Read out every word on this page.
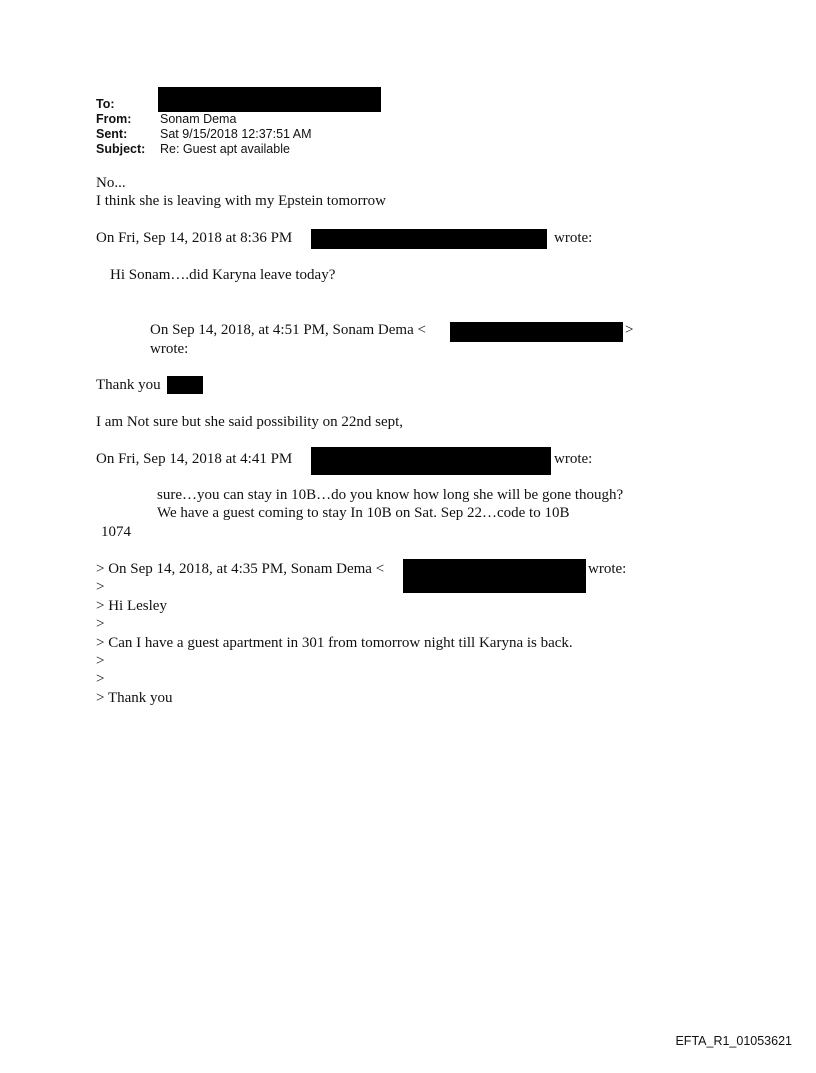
To:
From: Sonam Dema
Sent:	Sat 9/15/2018 12:37:51 AM
Subject: Re: Guest apt available
No...
I think she is leaving with my Epstein tomorrow
On Fri, Sep 14, 2018 at 8:36 PM	wrote:
Hi Sonam….did Karyna leave today?
On Sep 14, 2018, at 4:51 PM, Sonam Dema <	>
wrote:
Thank you
I am Not sure but she said possibility on 22nd sept,
On Fri, Sep 14, 2018 at 4:41 PM	wrote:
sure…you can stay in 10B…do you know how long she will be gone though?
We have a guest coming to stay In 10B on Sat. Sep 22…code to 10B
1074
> On Sep 14, 2018, at 4:35 PM, Sonam Dema <	wrote:
>
> Hi Lesley
>
> Can I have a guest apartment in 301 from tomorrow night till Karyna is back.
>
>
> Thank you
EFTA_R1_01053621
